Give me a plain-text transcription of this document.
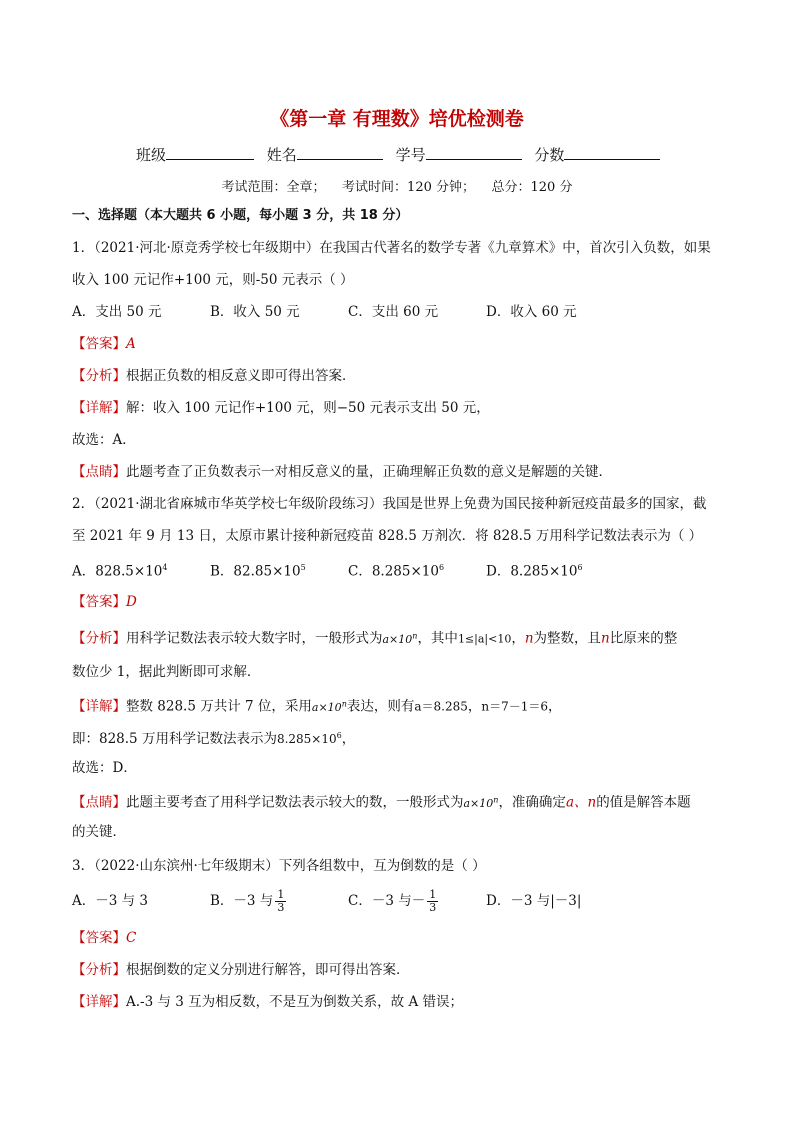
《第一章 有理数》培优检测卷
班级	姓名	学号	分数
考试范围：全章；    考试时间：120 分钟；    总分：120 分
一、选择题（本大题共 6 小题，每小题 3 分，共 18 分）
1．（2021·河北·原竞秀学校七年级期中）在我国古代著名的数学专著《九章算术》中，首次引入负数，如果
收入 100 元记作+100 元，则-50 元表示（ ）
A．支出 50 元	B．收入 50 元	C．支出 60 元	D．收入 60 元
【答案】A
【分析】根据正负数的相反意义即可得出答案．
【详解】解：收入 100 元记作+100 元，则−50 元表示支出 50 元，
故选：A．
【点睛】此题考查了正负数表示一对相反意义的量，正确理解正负数的意义是解题的关键．
2．（2021·湖北省麻城市华英学校七年级阶段练习）我国是世界上免费为国民接种新冠疫苗最多的国家，截
至 2021 年 9 月 13 日，太原市累计接种新冠疫苗 828.5 万剂次．将 828.5 万用科学记数法表示为（ ）
A．$828.5\times 10^4$	B．$82.85\times 10^5$	C．$8.285\times 10^6$	D．$8.285\times 10^6$
【答案】D
【分析】用科学记数法表示较大数字时，一般形式为$a\times 10^n$，其中1≤|a|<10，n为整数，且n比原来的整
数位少 1，据此判断即可求解．
【详解】整数 828.5 万共计 7 位，采用$a\times 10^n$表达，则有a＝8.285，n＝7－1＝6，
即：828.5 万用科学记数法表示为$8.285\times 10^6$，
故选：D．
【点睛】此题主要考查了用科学记数法表示较大的数，一般形式为$a\times 10^n$，准确确定a、n的值是解答本题
的关键．
3．（2022·山东滨州·七年级期末）下列各组数中，互为倒数的是（ ）
A．－3 与 3	B．－3 与 $\frac{1}{3}$	C．－3 与－ $\frac{1}{3}$	D．－3 与|－3|
【答案】C
【分析】根据倒数的定义分别进行解答，即可得出答案．
【详解】A.-3 与 3 互为相反数，不是互为倒数关系，故 A 错误；
